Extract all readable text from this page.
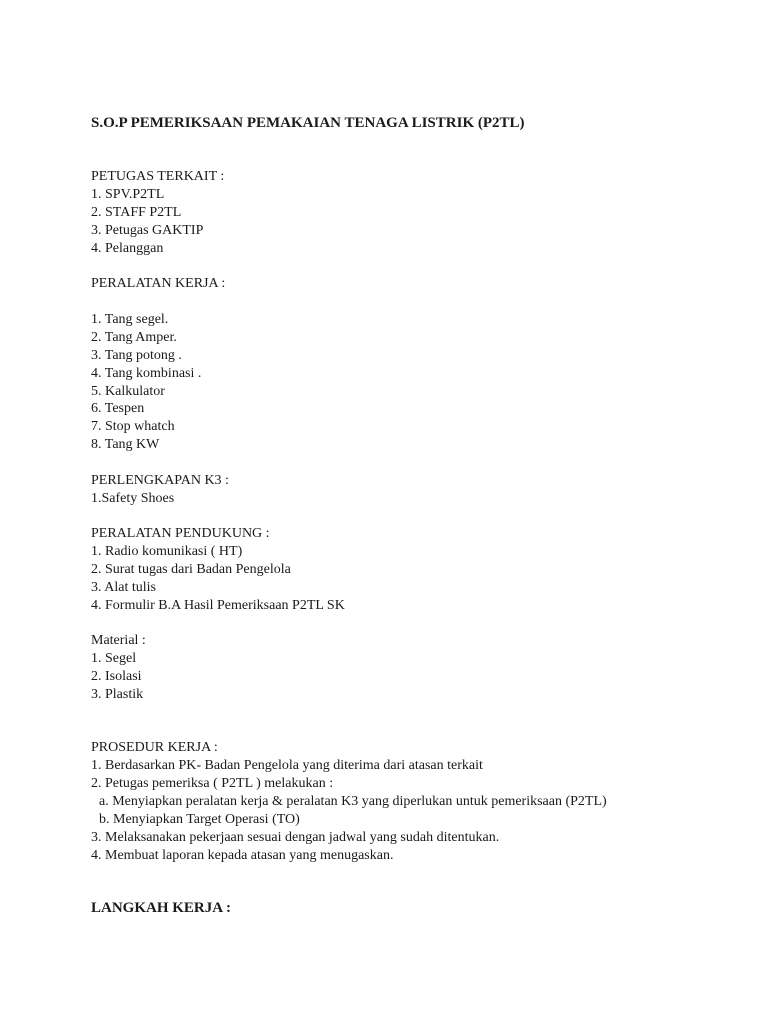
S.O.P PEMERIKSAAN PEMAKAIAN TENAGA LISTRIK (P2TL)
PETUGAS TERKAIT :
1. SPV.P2TL
2. STAFF P2TL
3. Petugas GAKTIP
4. Pelanggan
PERALATAN KERJA :
1. Tang segel.
2. Tang Amper.
3. Tang potong .
4. Tang kombinasi .
5. Kalkulator
6. Tespen
7. Stop whatch
8. Tang KW
PERLENGKAPAN K3 :
1.Safety Shoes
PERALATAN PENDUKUNG :
1. Radio komunikasi ( HT)
2. Surat tugas dari Badan Pengelola
3. Alat tulis
4. Formulir B.A Hasil Pemeriksaan P2TL SK
Material :
1. Segel
2. Isolasi
3. Plastik
PROSEDUR KERJA :
1. Berdasarkan PK- Badan Pengelola yang diterima dari atasan terkait
2. Petugas pemeriksa ( P2TL ) melakukan :
a. Menyiapkan peralatan kerja & peralatan K3 yang diperlukan untuk pemeriksaan (P2TL)
b. Menyiapkan Target Operasi (TO)
3. Melaksanakan pekerjaan sesuai dengan jadwal yang sudah ditentukan.
4. Membuat laporan kepada atasan yang menugaskan.
LANGKAH KERJA :
